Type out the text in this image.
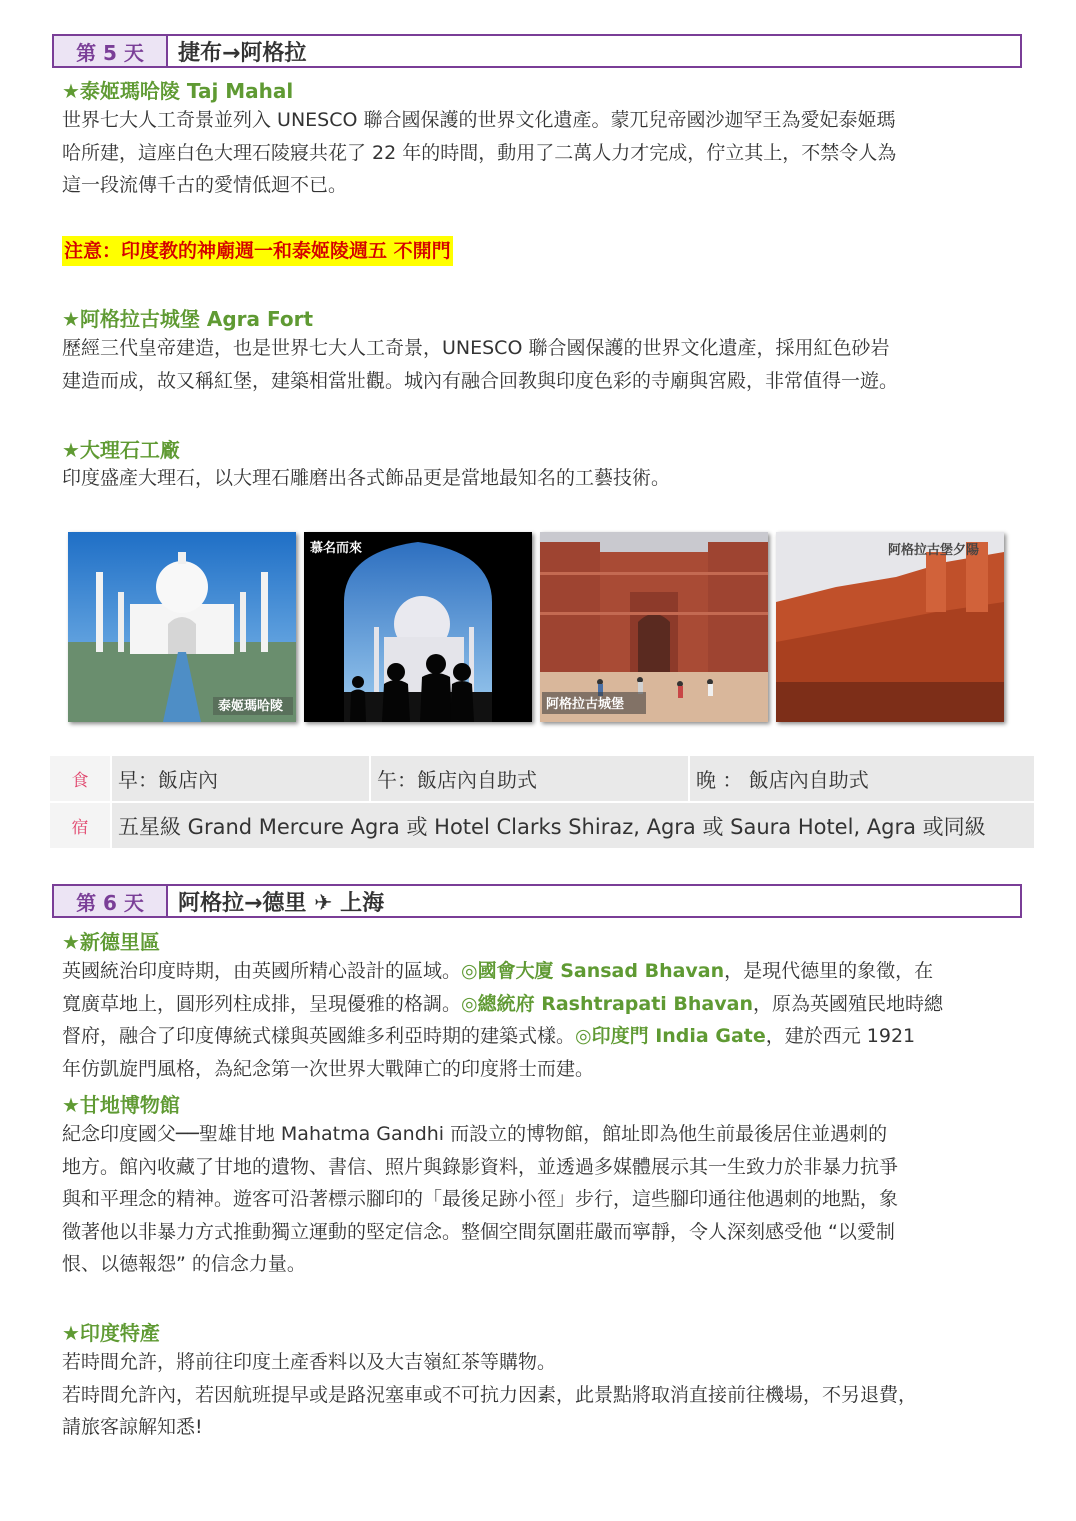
第 5 天	捷布→阿格拉
★泰姬瑪哈陵 Taj Mahal
世界七大人工奇景並列入 UNESCO 聯合國保護的世界文化遺產。蒙兀兒帝國沙迦罕王為愛妃泰姬瑪
哈所建，這座白色大理石陵寢共花了 22 年的時間，動用了二萬人力才完成，佇立其上，不禁令人為
這一段流傳千古的愛情低迴不已。
注意：印度教的神廟週一和泰姬陵週五 不開門
★阿格拉古城堡 Agra Fort
歷經三代皇帝建造，也是世界七大人工奇景，UNESCO 聯合國保護的世界文化遺產，採用紅色砂岩
建造而成，故又稱紅堡，建築相當壯觀。城內有融合回教與印度色彩的寺廟與宮殿，非常值得一遊。
★大理石工廠
印度盛產大理石，以大理石雕磨出各式飾品更是當地最知名的工藝技術。
泰姬瑪哈陵
慕名而來
阿格拉古城堡
阿格拉古堡夕陽
食	早：飯店內	午：飯店內自助式	晚 ： 飯店內自助式
宿	五星級 Grand Mercure Agra 或 Hotel Clarks Shiraz, Agra 或 Saura Hotel, Agra 或同級		
第 6 天	阿格拉→德里 ✈ 上海
★新德里區
英國統治印度時期，由英國所精心設計的區域。◎國會大廈 Sansad Bhavan，是現代德里的象徵，在
寬廣草地上，圓形列柱成排，呈現優雅的格調。◎總統府 Rashtrapati Bhavan，原為英國殖民地時總
督府，融合了印度傳統式樣與英國維多利亞時期的建築式樣。◎印度門 India Gate，建於西元 1921
年仿凱旋門風格，為紀念第一次世界大戰陣亡的印度將士而建。
★甘地博物館
紀念印度國父──聖雄甘地 Mahatma Gandhi 而設立的博物館，館址即為他生前最後居住並遇刺的
地方。館內收藏了甘地的遺物、書信、照片與錄影資料，並透過多媒體展示其一生致力於非暴力抗爭
與和平理念的精神。遊客可沿著標示腳印的「最後足跡小徑」步行，這些腳印通往他遇刺的地點，象
徵著他以非暴力方式推動獨立運動的堅定信念。整個空間氛圍莊嚴而寧靜，令人深刻感受他 “以愛制
恨、以德報怨” 的信念力量。
★印度特產
若時間允許，將前往印度土產香料以及大吉嶺紅茶等購物。
若時間允許內，若因航班提早或是路況塞車或不可抗力因素，此景點將取消直接前往機場，不另退費，
請旅客諒解知悉!
